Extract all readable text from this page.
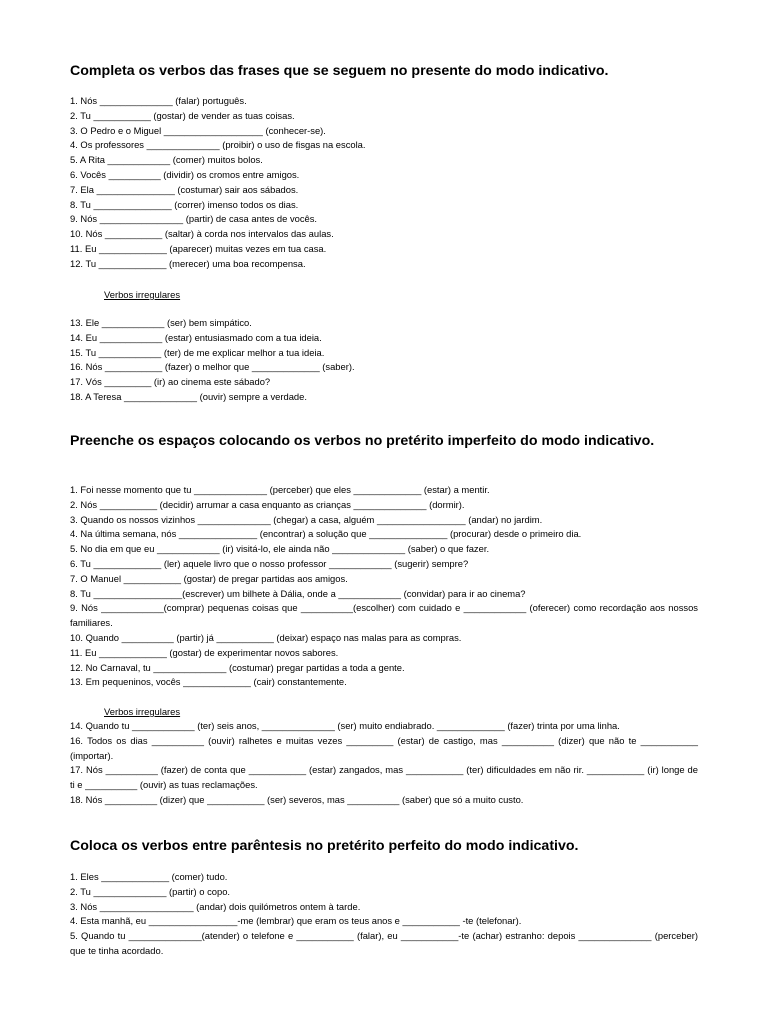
Completa os verbos das frases que se seguem no presente do modo indicativo.
1. Nós ______________ (falar) português.
2. Tu ___________ (gostar) de vender as tuas coisas.
3. O Pedro e o Miguel ___________________ (conhecer-se).
4. Os professores ______________ (proibir) o uso de fisgas na escola.
5. A Rita ____________ (comer) muitos bolos.
6. Vocês __________ (dividir) os cromos entre amigos.
7. Ela _______________ (costumar) sair aos sábados.
8. Tu _______________ (correr) imenso todos os dias.
9. Nós ________________ (partir) de casa antes de vocês.
10. Nós ___________ (saltar) à corda nos intervalos das aulas.
11. Eu _____________ (aparecer) muitas vezes em tua casa.
12. Tu _____________ (merecer) uma boa recompensa.
Verbos irregulares
13. Ele ____________ (ser) bem simpático.
14. Eu ____________ (estar) entusiasmado com a tua ideia.
15. Tu ____________ (ter) de me explicar melhor a tua ideia.
16. Nós ___________ (fazer) o melhor que _____________ (saber).
17. Vós _________ (ir) ao cinema este sábado?
18. A Teresa ______________ (ouvir) sempre a verdade.
Preenche os espaços colocando os verbos no pretérito imperfeito do modo indicativo.
1. Foi nesse momento que tu ______________ (perceber) que eles _____________ (estar) a mentir.
2. Nós ___________ (decidir) arrumar a casa enquanto as crianças ______________ (dormir).
3. Quando os nossos vizinhos ______________ (chegar) a casa, alguém _________________ (andar) no jardim.
4. Na última semana, nós _______________ (encontrar) a solução que _______________ (procurar) desde o primeiro dia.
5. No dia em que eu ____________ (ir) visitá-lo, ele ainda não ______________ (saber) o que fazer.
6. Tu _____________ (ler) aquele livro que o nosso professor ____________ (sugerir) sempre?
7. O Manuel ___________ (gostar) de pregar partidas aos amigos.
8. Tu _________________(escrever) um bilhete à Dália, onde a ____________ (convidar) para ir ao cinema?
9. Nós ____________(comprar) pequenas coisas que __________(escolher) com cuidado e ____________ (oferecer) como recordação aos nossos familiares.
10. Quando __________ (partir) já ___________ (deixar) espaço nas malas para as compras.
11. Eu _____________ (gostar) de experimentar novos sabores.
12. No Carnaval, tu ______________ (costumar) pregar partidas a toda a gente.
13. Em pequeninos, vocês _____________ (cair) constantemente.
Verbos irregulares
14. Quando tu ____________ (ter) seis anos, ______________ (ser) muito endiabrado. _____________ (fazer) trinta por uma linha.
16. Todos os dias __________ (ouvir) ralhetes e muitas vezes _________ (estar) de castigo, mas __________ (dizer) que não te ___________ (importar).
17. Nós __________ (fazer) de conta que ___________ (estar) zangados, mas ___________ (ter) dificuldades em não rir. ___________ (ir) longe de ti e __________ (ouvir) as tuas reclamações.
18. Nós __________ (dizer) que ___________ (ser) severos, mas __________ (saber) que só a muito custo.
Coloca os verbos entre parêntesis no pretérito perfeito do modo indicativo.
1. Eles _____________ (comer) tudo.
2. Tu ______________ (partir) o copo.
3. Nós __________________ (andar) dois quilómetros ontem à tarde.
4. Esta manhã, eu _________________-me (lembrar) que eram os teus anos e ___________ -te (telefonar).
5. Quando tu ______________(atender) o telefone e ___________ (falar), eu ___________-te (achar) estranho: depois ______________ (perceber) que te tinha acordado.
